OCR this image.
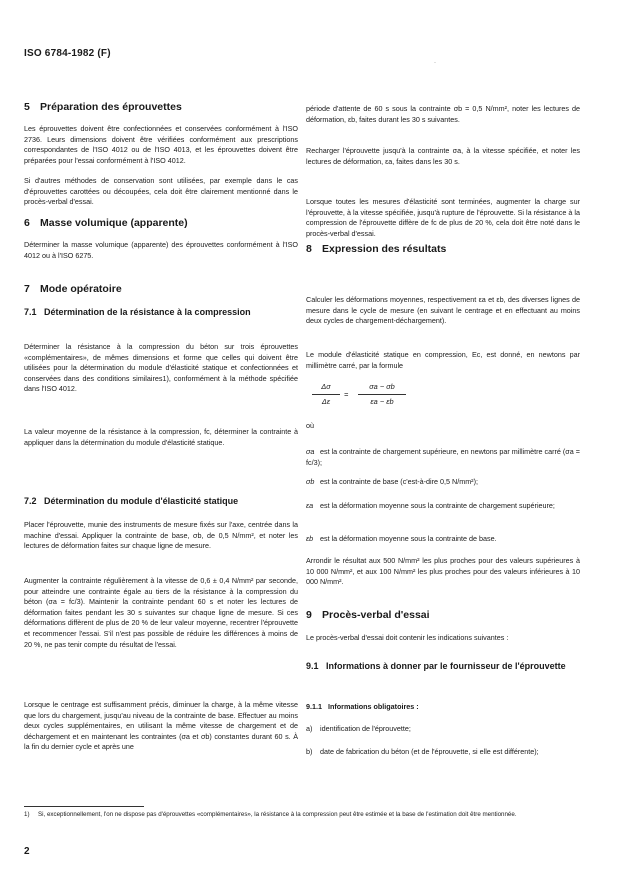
ISO 6784-1982 (F)
·
5 Préparation des éprouvettes

Les éprouvettes doivent être confectionnées et conservées conformément à l'ISO 2736. Leurs dimensions doivent être vérifiées conformément aux prescriptions correspondantes de l'ISO 4012 ou de l'ISO 4013, et les éprouvettes doivent être préparées pour l'essai conformément à l'ISO 4012.

Si d'autres méthodes de conservation sont utilisées, par exemple dans le cas d'éprouvettes carottées ou découpées, cela doit être clairement mentionné dans le procès-verbal d'essai.

6 Masse volumique (apparente)

Déterminer la masse volumique (apparente) des éprouvettes conformément à l'ISO 4012 ou à l'ISO 6275.

7 Mode opératoire
7.1 Détermination de la résistance à la compression

Déterminer la résistance à la compression du béton sur trois éprouvettes «complémentaires», de mêmes dimensions et forme que celles qui doivent être utilisées pour la détermination du module d'élasticité statique et confectionnées et conservées dans des conditions similaires1), conformément à la méthode spécifiée dans l'ISO 4012.

La valeur moyenne de la résistance à la compression, fc, déterminer la contrainte à appliquer dans la détermination du module d'élasticité statique.

7.2 Détermination du module d'élasticité statique

Placer l'éprouvette, munie des instruments de mesure fixés sur l'axe, centrée dans la machine d'essai. Appliquer la contrainte de base, σb, de 0,5 N/mm², et noter les lectures de déformation faites sur chaque ligne de mesure.

Augmenter la contrainte régulièrement à la vitesse de 0,6 ± 0,4 N/mm² par seconde, pour atteindre une contrainte égale au tiers de la résistance à la compression du béton (σa = fc/3). Maintenir la contrainte pendant 60 s et noter les lectures de déformation faites pendant les 30 s suivantes sur chaque ligne de mesure. Si ces déformations diffèrent de plus de 20 % de leur valeur moyenne, recentrer l'éprouvette et recommencer l'essai. S'il n'est pas possible de réduire les différences à moins de 20 %, ne pas tenir compte du résultat de l'essai.

Lorsque le centrage est suffisamment précis, diminuer la charge, à la même vitesse que lors du chargement, jusqu'au niveau de la contrainte de base. Effectuer au moins deux cycles supplémentaires, en utilisant la même vitesse de chargement et de déchargement et en maintenant les contraintes (σa et σb) constantes durant 60 s. À la fin du dernier cycle et après une

période d'attente de 60 s sous la contrainte σb = 0,5 N/mm², noter les lectures de déformation, εb, faites durant les 30 s suivantes.

Recharger l'éprouvette jusqu'à la contrainte σa, à la vitesse spécifiée, et noter les lectures de déformation, εa, faites dans les 30 s.

Lorsque toutes les mesures d'élasticité sont terminées, augmenter la charge sur l'éprouvette, à la vitesse spécifiée, jusqu'à rupture de l'éprouvette. Si la résistance à la compression de l'éprouvette diffère de fc de plus de 20 %, cela doit être noté dans le procès-verbal d'essai.

8 Expression des résultats

Calculer les déformations moyennes, respectivement εa et εb, des diverses lignes de mesure dans le cycle de mesure (en suivant le centrage et en effectuant au moins deux cycles de chargement-déchargement).

Le module d'élasticité statique en compression, Ec, est donné, en newtons par millimètre carré, par la formule

Δσ
Δε
=
σa − σb
εa − εb
où
σa est la contrainte de chargement supérieure, en newtons par millimètre carré (σa = fc/3);
σb est la contrainte de base (c'est-à-dire 0,5 N/mm²);
εa est la déformation moyenne sous la contrainte de chargement supérieure;
εb est la déformation moyenne sous la contrainte de base.

Arrondir le résultat aux 500 N/mm² les plus proches pour des valeurs supérieures à 10 000 N/mm², et aux 100 N/mm² les plus proches pour des valeurs inférieures à 10 000 N/mm².

9 Procès-verbal d'essai

Le procès-verbal d'essai doit contenir les indications suivantes :

9.1 Informations à donner par le fournisseur de l'éprouvette
9.1.1 Informations obligatoires :
a) identification de l'éprouvette;
b) date de fabrication du béton (et de l'éprouvette, si elle est différente);
1) Si, exceptionnellement, l'on ne dispose pas d'éprouvettes «complémentaires», la résistance à la compression peut être estimée et la base de l'estimation doit être mentionnée.
2
